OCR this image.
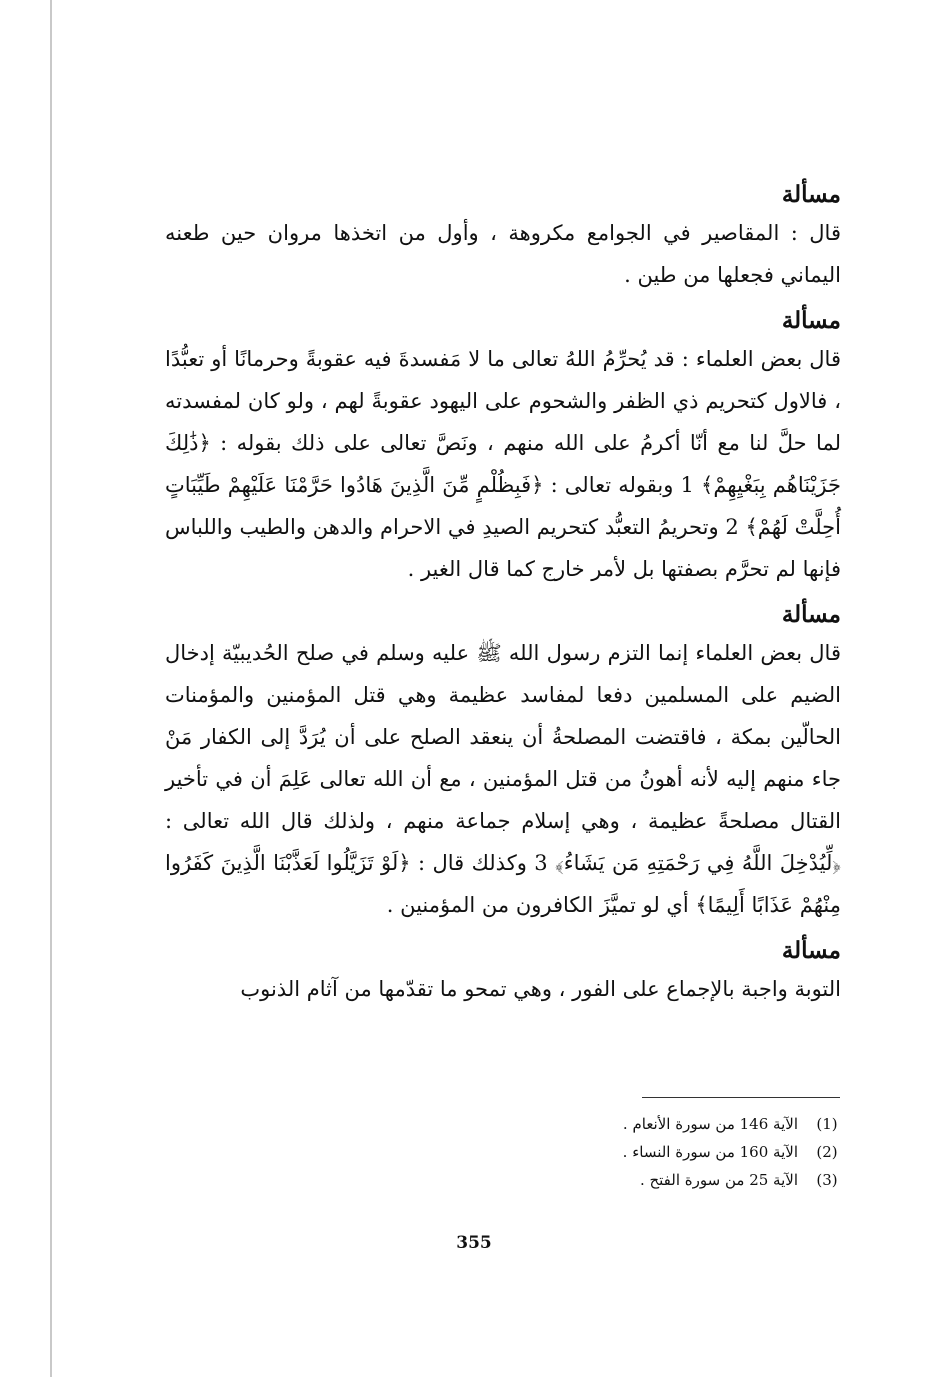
مسألة

قال : المقاصير في الجوامع مكروهة ، وأول من اتخذها مروان حين طعنه اليماني فجعلها من طين .

مسألة

قال بعض العلماء : قد يُحرِّمُ اللهُ تعالى ما لا مَفسدةَ فيه عقوبةً وحرمانًا أو تعبُّدًا ، فالاول كتحريم ذي الظفر والشحوم على اليهود عقوبةً لهم ، ولو كان لمفسدته لما حلَّ لنا مع أنّا أكرمُ على الله منهم ، ونَصَّ تعالى على ذلك بقوله : ﴿ذَٰلِكَ جَزَيْنَاهُم بِبَغْيِهِمْ﴾ 1 وبقوله تعالى : ﴿فَبِظُلْمٍ مِّنَ الَّذِينَ هَادُوا حَرَّمْنَا عَلَيْهِمْ طَيِّبَاتٍ أُحِلَّتْ لَهُمْ﴾ 2 وتحريمُ التعبُّد كتحريم الصيدِ في الاحرام والدهن والطيب واللباس فإنها لم تحرَّم بصفتها بل لأمر خارج كما قال الغير .

مسألة

قال بعض العلماء إنما التزم رسول الله ﷺ عليه وسلم في صلح الحُديبيّة إدخال الضيم على المسلمين دفعا لمفاسد عظيمة وهي قتل المؤمنين والمؤمنات الحالّين بمكة ، فاقتضت المصلحةُ أن ينعقد الصلح على أن يُرَدَّ إلى الكفار مَنْ جاء منهم إليه لأنه أهونُ من قتل المؤمنين ، مع أن الله تعالى عَلِمَ أن في تأخير القتال مصلحةً عظيمة ، وهي إسلام جماعة منهم ، ولذلك قال الله تعالى : ﴿لِّيُدْخِلَ اللَّهُ فِي رَحْمَتِهِ مَن يَشَاءُ﴾ 3 وكذلك قال : ﴿لَوْ تَزَيَّلُوا لَعَذَّبْنَا الَّذِينَ كَفَرُوا مِنْهُمْ عَذَابًا أَلِيمًا﴾ أي لو تميَّزَ الكافرون من المؤمنين .

مسألة

التوبة واجبة بالإجماع على الفور ، وهي تمحو ما تقدّمها من آثام الذنوب

(1)
الآية 146 من سورة الأنعام .
(2)
الآية 160 من سورة النساء .
(3)
الآية 25 من سورة الفتح .
355
